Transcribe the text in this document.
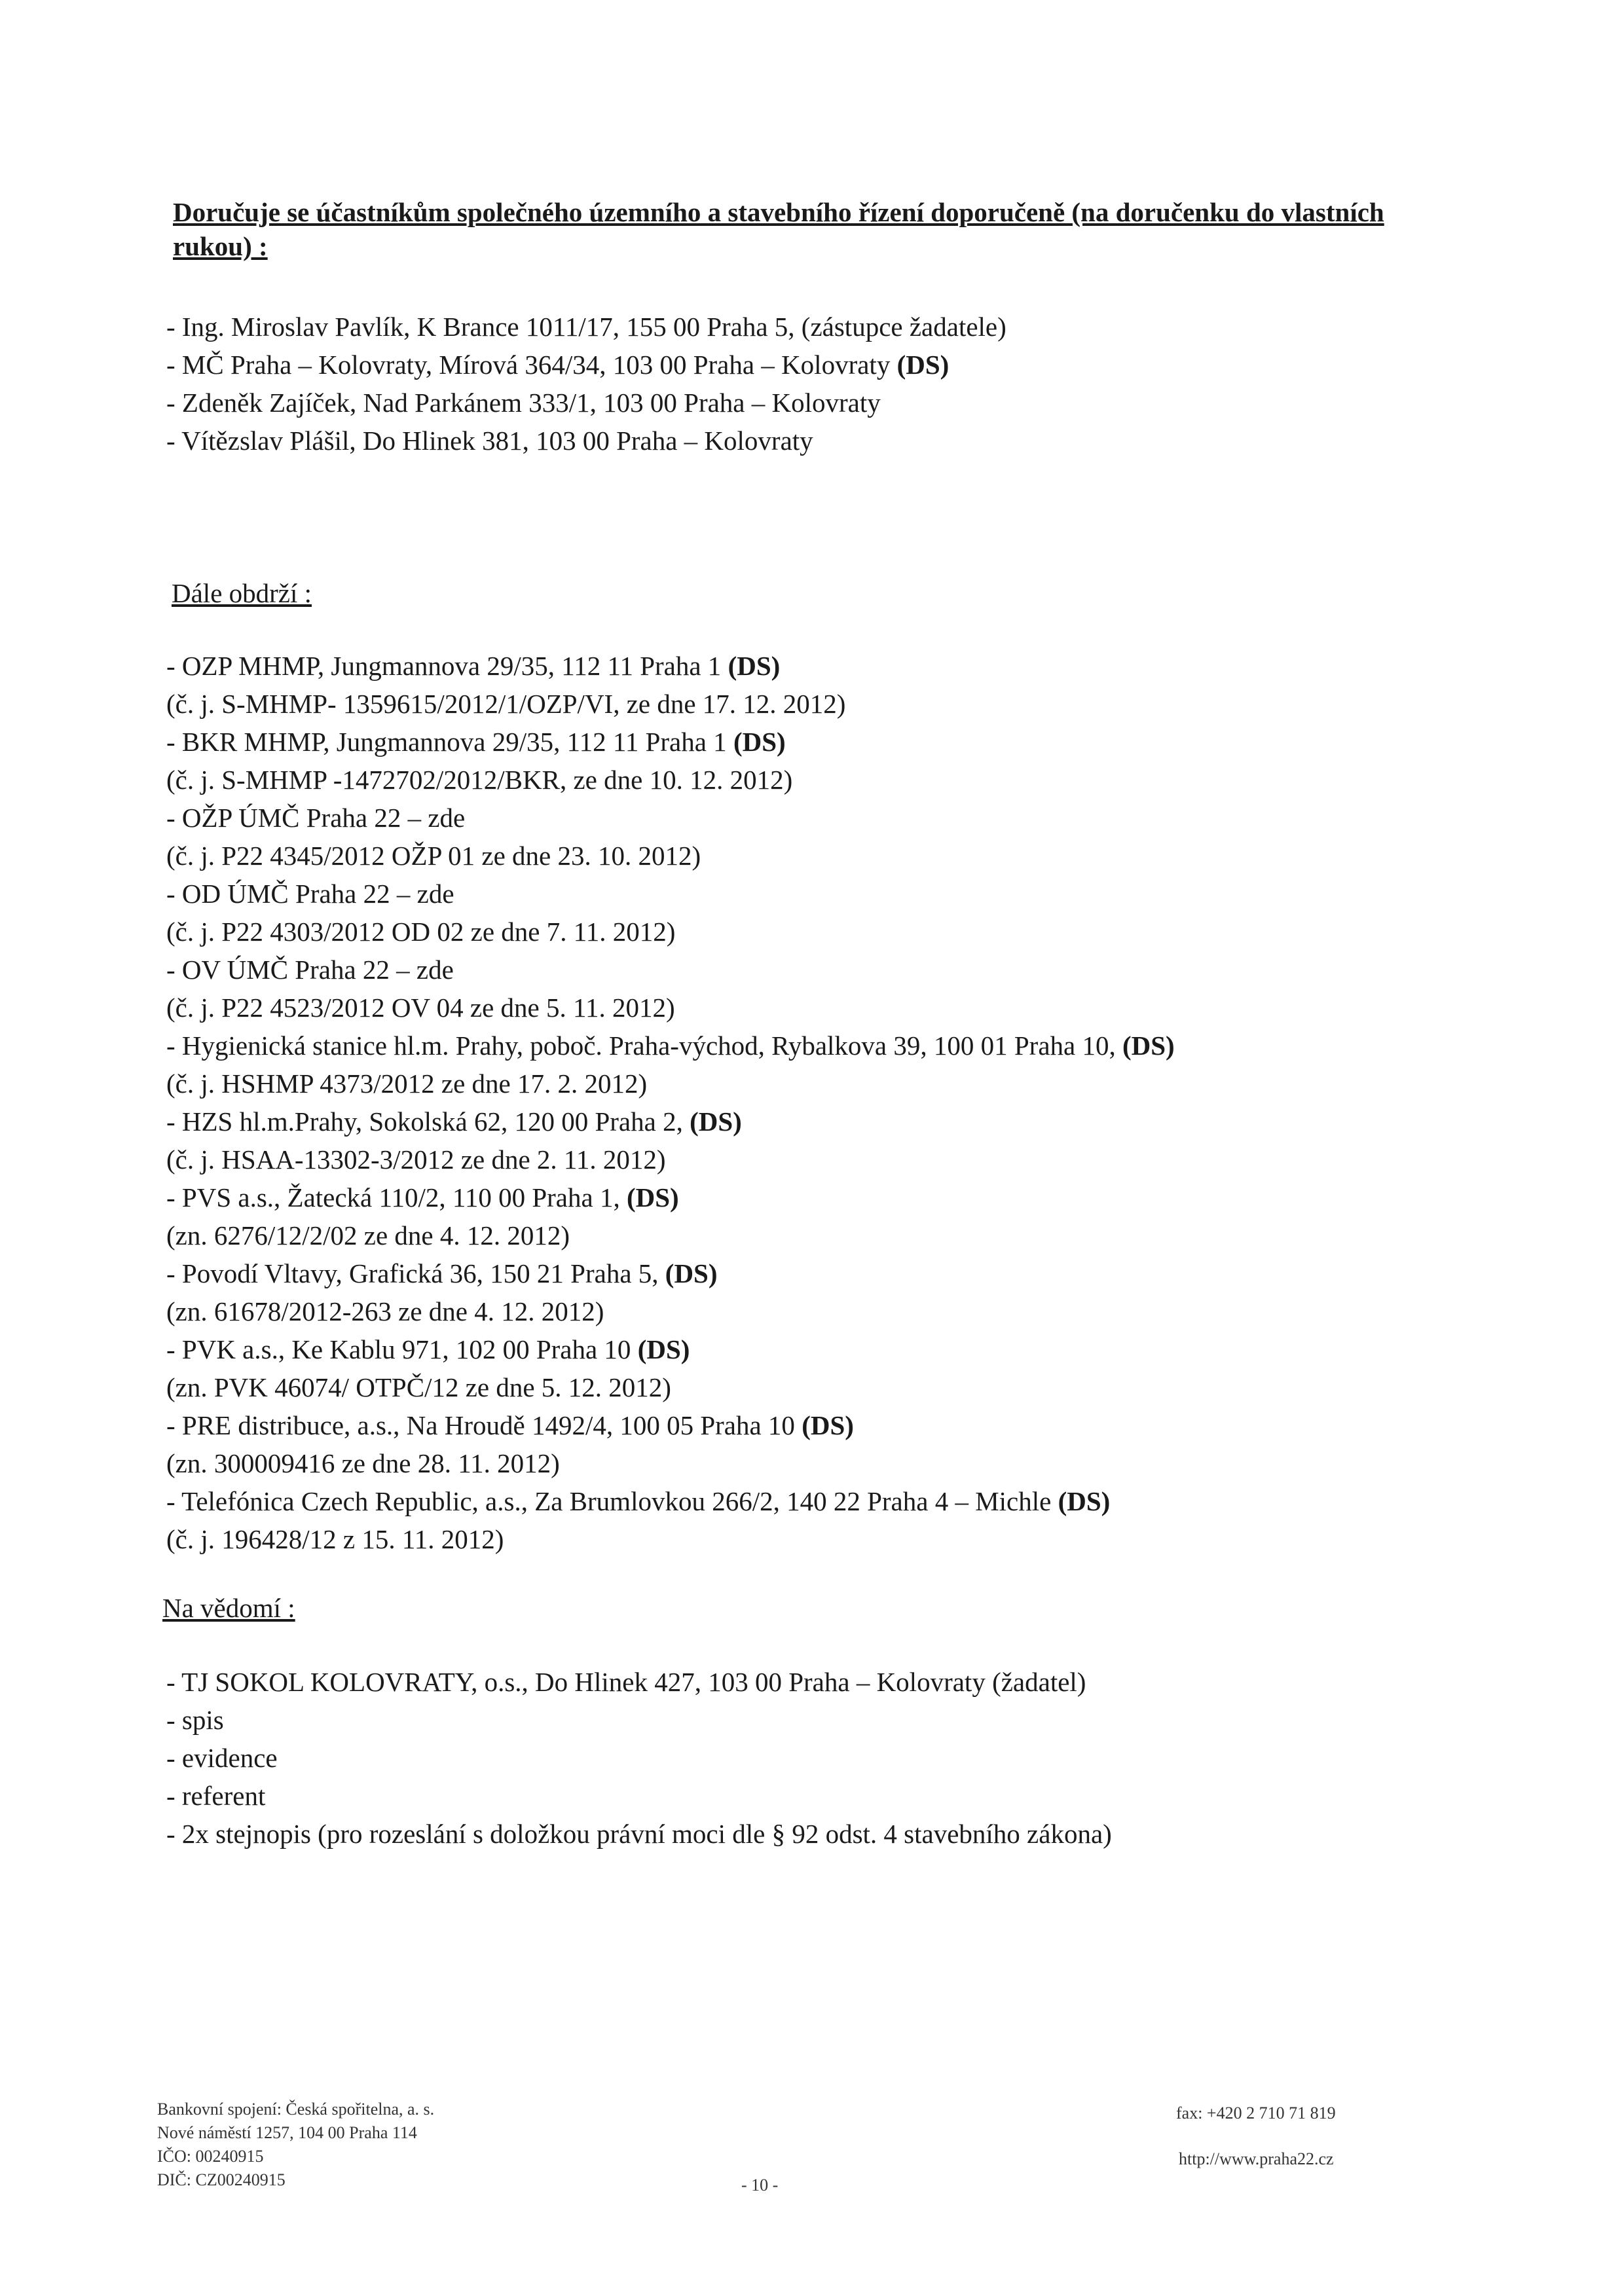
Doručuje se účastníkům společného územního a stavebního řízení doporučeně (na doručenku do vlastních rukou) :

- Ing. Miroslav Pavlík, K Brance 1011/17, 155 00 Praha 5, (zástupce žadatele)

- MČ Praha – Kolovraty, Mírová 364/34, 103 00 Praha – Kolovraty (DS)

- Zdeněk Zajíček, Nad Parkánem 333/1, 103 00 Praha – Kolovraty

- Vítězslav Plášil, Do Hlinek 381, 103 00 Praha – Kolovraty

Dále obdrží :

- OZP MHMP, Jungmannova 29/35, 112 11 Praha 1 (DS)

(č. j. S-MHMP- 1359615/2012/1/OZP/VI, ze dne 17. 12. 2012)

- BKR MHMP, Jungmannova 29/35, 112 11 Praha 1 (DS)

(č. j. S-MHMP -1472702/2012/BKR, ze dne 10. 12. 2012)

- OŽP ÚMČ Praha 22 – zde

(č. j. P22 4345/2012 OŽP 01 ze dne 23. 10. 2012)

- OD ÚMČ Praha 22 – zde

(č. j. P22 4303/2012 OD 02 ze dne 7. 11. 2012)

- OV ÚMČ Praha 22 – zde

(č. j. P22 4523/2012 OV 04 ze dne 5. 11. 2012)

- Hygienická stanice hl.m. Prahy, poboč. Praha-východ, Rybalkova 39, 100 01 Praha 10, (DS)

(č. j. HSHMP 4373/2012 ze dne 17. 2. 2012)

- HZS hl.m.Prahy, Sokolská 62, 120 00 Praha 2, (DS)

(č. j. HSAA-13302-3/2012 ze dne 2. 11. 2012)

- PVS a.s., Žatecká 110/2, 110 00 Praha 1, (DS)

(zn. 6276/12/2/02 ze dne 4. 12. 2012)

- Povodí Vltavy, Grafická 36, 150 21 Praha 5, (DS)

(zn. 61678/2012-263 ze dne 4. 12. 2012)

- PVK a.s., Ke Kablu 971, 102 00 Praha 10 (DS)

(zn. PVK 46074/ OTPČ/12 ze dne 5. 12. 2012)

- PRE distribuce, a.s., Na Hroudě 1492/4, 100 05 Praha 10 (DS)

(zn. 300009416 ze dne 28. 11. 2012)

- Telefónica Czech Republic, a.s., Za Brumlovkou 266/2, 140 22 Praha 4 – Michle (DS)

(č. j. 196428/12 z 15. 11. 2012)

Na vědomí :

- TJ SOKOL KOLOVRATY, o.s., Do Hlinek 427, 103 00 Praha – Kolovraty (žadatel)

- spis

- evidence

- referent

- 2x stejnopis (pro rozeslání s doložkou právní moci dle § 92 odst. 4 stavebního zákona)

Bankovní spojení: Česká spořitelna, a. s.

Nové náměstí 1257, 104 00 Praha 114

IČO: 00240915

DIČ: CZ00240915	- 10 -

fax: +420 2 710 71 819

http://www.praha22.cz
